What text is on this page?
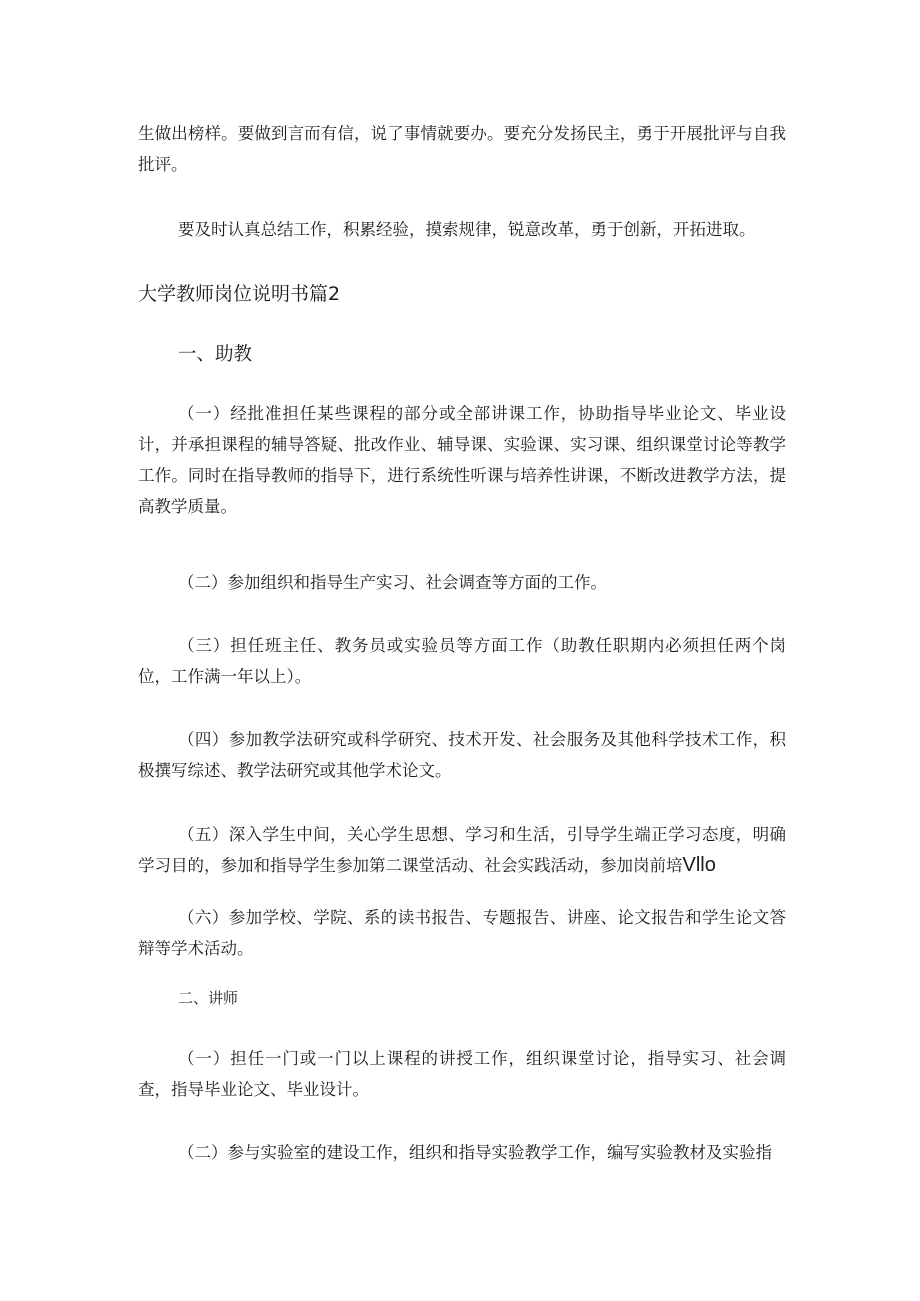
生做出榜样。要做到言而有信，说了事情就要办。要充分发扬民主，勇于开展批评与自我批评。

要及时认真总结工作，积累经验，摸索规律，锐意改革，勇于创新，开拓进取。

大学教师岗位说明书篇2
一、助教

（一）经批准担任某些课程的部分或全部讲课工作，协助指导毕业论文、毕业设计，并承担课程的辅导答疑、批改作业、辅导课、实验课、实习课、组织课堂讨论等教学工作。同时在指导教师的指导下，进行系统性听课与培养性讲课，不断改进教学方法，提高教学质量。

（二）参加组织和指导生产实习、社会调查等方面的工作。

（三）担任班主任、教务员或实验员等方面工作（助教任职期内必须担任两个岗位，工作满一年以上）。

（四）参加教学法研究或科学研究、技术开发、社会服务及其他科学技术工作，积极撰写综述、教学法研究或其他学术论文。

（五）深入学生中间，关心学生思想、学习和生活，引导学生端正学习态度，明确学习目的，参加和指导学生参加第二课堂活动、社会实践活动，参加岗前培Vllo

（六）参加学校、学院、系的读书报告、专题报告、讲座、论文报告和学生论文答辩等学术活动。

二、讲师

（一）担任一门或一门以上课程的讲授工作，组织课堂讨论，指导实习、社会调查，指导毕业论文、毕业设计。

（二）参与实验室的建设工作，组织和指导实验教学工作，编写实验教材及实验指
